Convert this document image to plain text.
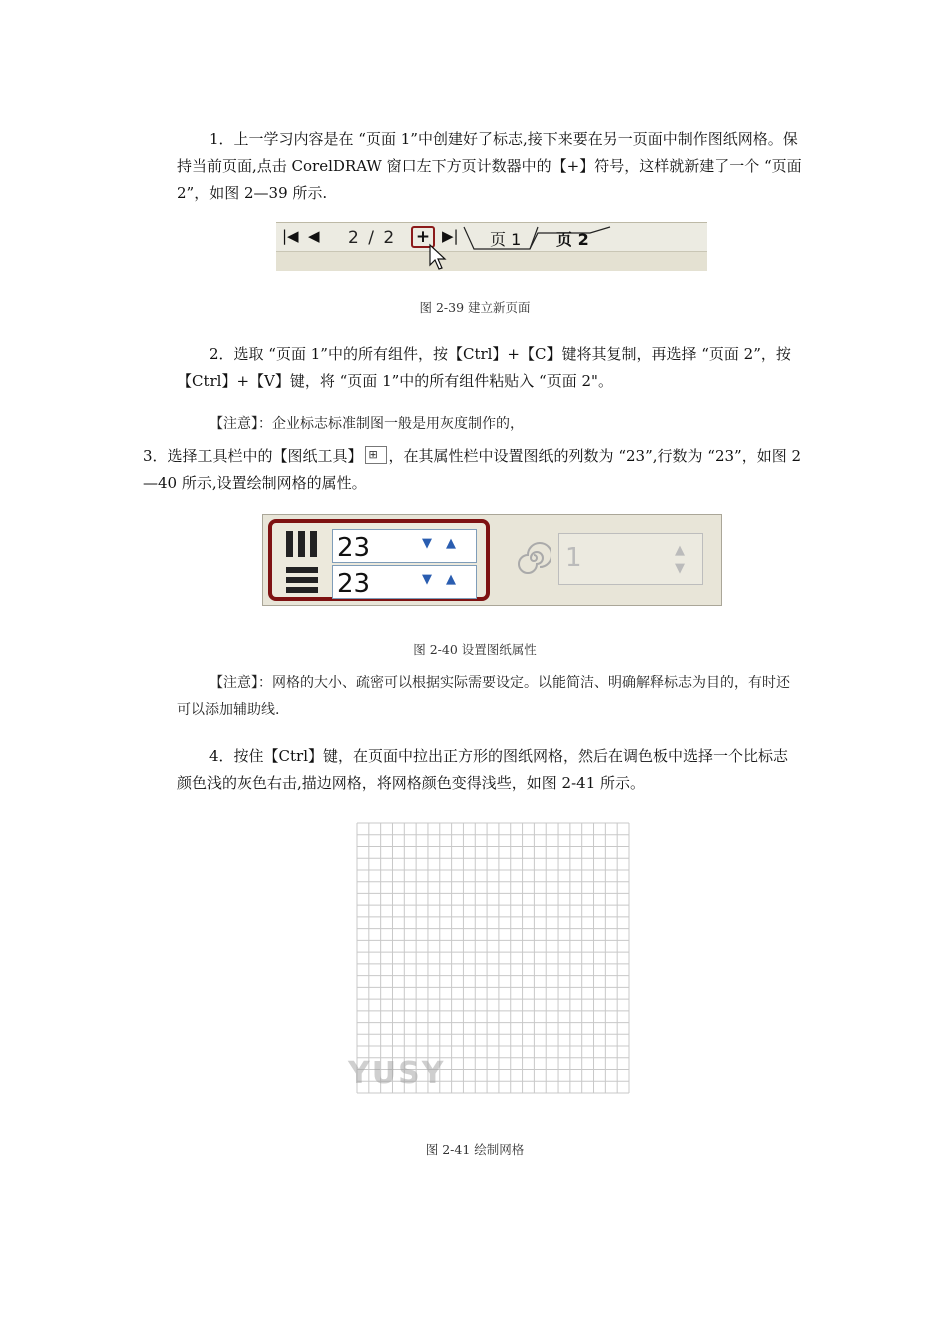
1．上一学习内容是在 “页面 1”中创建好了标志,接下来要在另一页面中制作图纸网格。保持当前页面,点击 CorelDRAW 窗口左下方页计数器中的【+】符号，这样就新建了一个 “页面 2”，如图 2—39 所示.

|◀ ◀ 2 / 2 + ▶| 页 1 页 2

图 2-39 建立新页面

2．选取 “页面 1”中的所有组件，按【Ctrl】+【C】键将其复制，再选择 “页面 2”，按【Ctrl】+【V】键，将 “页面 1”中的所有组件粘贴入 “页面 2"。

【注意】：企业标志标准制图一般是用灰度制作的，

3．选择工具栏中的【图纸工具】 ⊞ ，在其属性栏中设置图纸的列数为 “23”,行数为 “23”，如图 2—40 所示,设置绘制网格的属性。

23	▼ ▲
23	▼ ▲
1	▲
▼

图 2-40 设置图纸属性

【注意】：网格的大小、疏密可以根据实际需要设定。以能简洁、明确解释标志为目的，有时还可以添加辅助线.

4．按住【Ctrl】键，在页面中拉出正方形的图纸网格，然后在调色板中选择一个比标志颜色浅的灰色右击,描边网格，将网格颜色变得浅些，如图 2-41 所示。

YUSY

图 2-41 绘制网格
